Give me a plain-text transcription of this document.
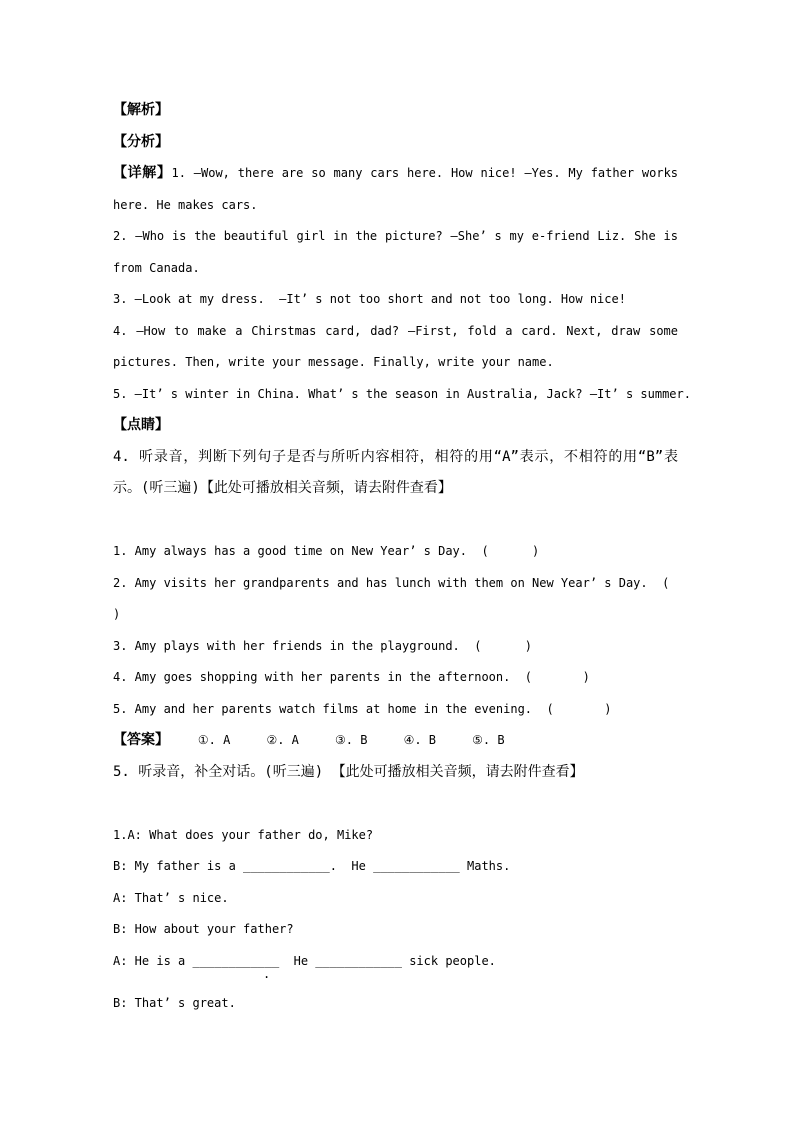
【解析】
【分析】
【详解】1. —Wow, there are so many cars here. How nice! —Yes. My father works
here. He makes cars.
2. —Who is the beautiful girl in the picture? —She’ s my e-friend Liz. She is
from Canada.
3. —Look at my dress.  —It’ s not too short and not too long. How nice!
4. —How to make a Chirstmas card, dad? —First, fold a card. Next, draw some
pictures. Then, write your message. Finally, write your name.
5. —It’ s winter in China. What’ s the season in Australia, Jack? —It’ s summer.
【点睛】
4. 听录音，判断下列句子是否与所听内容相符，相符的用“A”表示，不相符的用“B”表
示。(听三遍)【此处可播放相关音频，请去附件查看】
1. Amy always has a good time on New Year’ s Day.  (      )
2. Amy visits her grandparents and has lunch with them on New Year’ s Day.  (
)
3. Amy plays with her friends in the playground.  (      )
4. Amy goes shopping with her parents in the afternoon.  (       )
5. Amy and her parents watch films at home in the evening.  (       )
【答案】    ①. A     ②. A     ③. B     ④. B     ⑤. B
5. 听录音，补全对话。(听三遍) 【此处可播放相关音频，请去附件查看】
1.A: What does your father do, Mike?
B: My father is a ____________.  He ____________ Maths.
A: That’ s nice.
B: How about your father?
A: He is a ____________  He ____________ sick people.
.
B: That’ s great.
